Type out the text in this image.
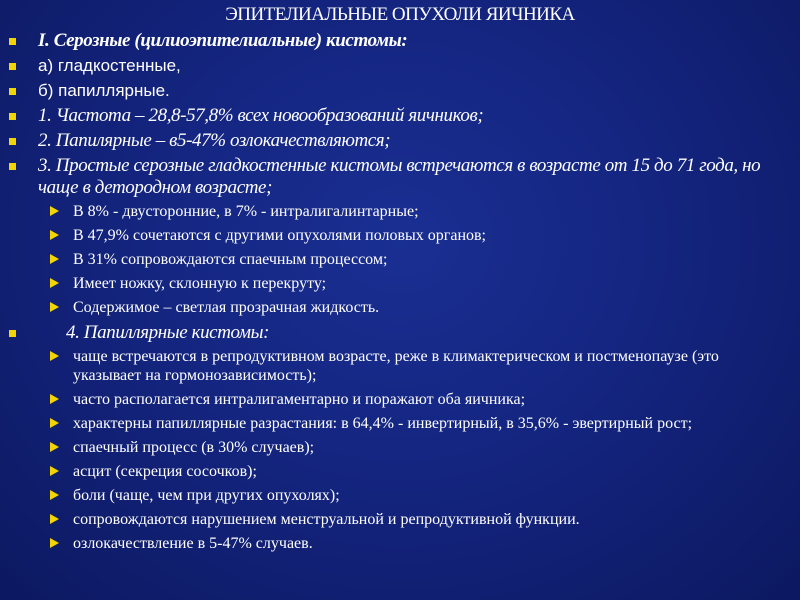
ЭПИТЕЛИАЛЬНЫЕ ОПУХОЛИ ЯИЧНИКА
I. Серозные (цилиоэпителиальные) кистомы:
а) гладкостенные,
б) папиллярные.
1. Частота – 28,8-57,8% всех новообразований яичников;
2. Папилярные – в5-47% озлокачествляются;
3. Простые серозные гладкостенные кистомы встречаются в возрасте от 15 до 71 года, но чаще в детородном возрасте;
В 8% - двусторонние, в 7% - интралигалинтарные;
В 47,9% сочетаются с другими опухолями половых органов;
В 31% сопровождаются спаечным процессом;
Имеет ножку, склонную к перекруту;
Содержимое – светлая прозрачная жидкость.
4. Папиллярные кистомы:
чаще встречаются в репродуктивном возрасте, реже в климактерическом и постменопаузе (это указывает на гормонозависимость);
часто располагается интралигаментарно и поражают оба яичника;
характерны папиллярные разрастания: в 64,4% - инвертирный, в 35,6% - эвертирный рост;
спаечный процесс (в 30% случаев);
асцит (секреция сосочков);
боли (чаще, чем при других опухолях);
сопровождаются нарушением менструальной и репродуктивной функции.
озлокачествление в 5-47% случаев.
